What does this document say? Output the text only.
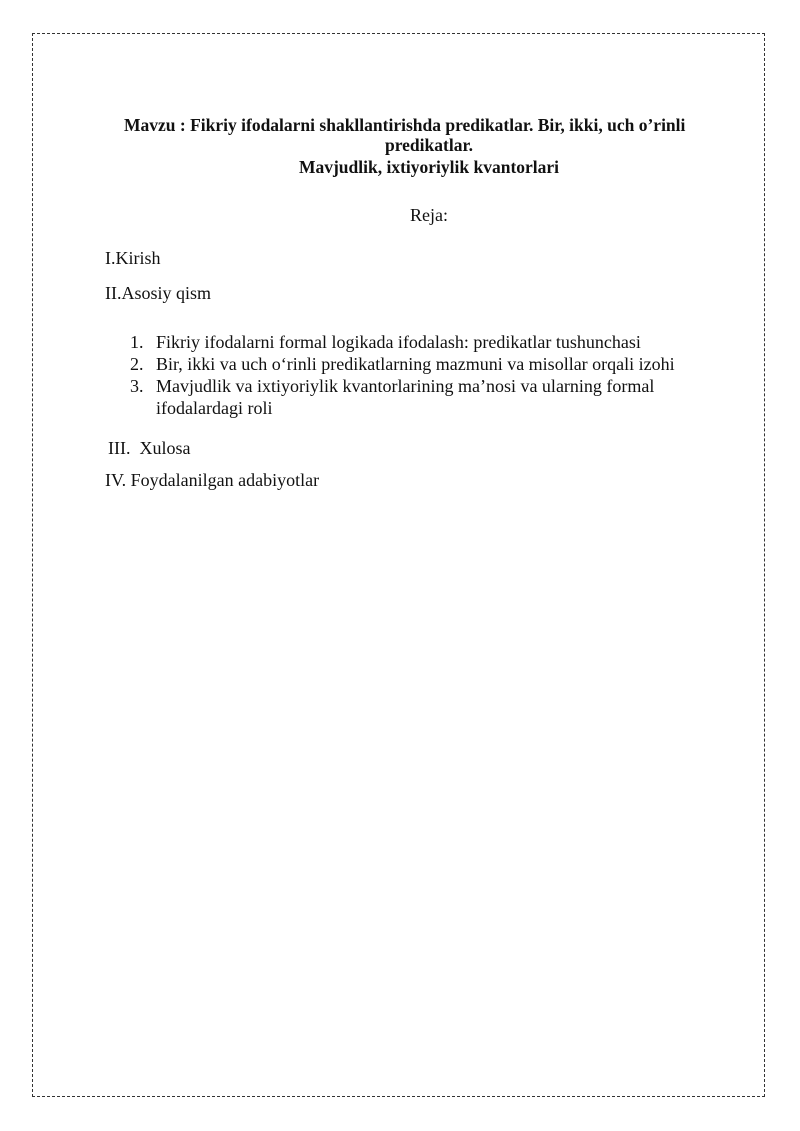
Mavzu : Fikriy ifodalarni shakllantirishda predikatlar. Bir, ikki, uch o’rinli
predikatlar.
Mavjudlik, ixtiyoriylik kvantorlari
Reja:
I.Kirish
II.Asosiy qism
1. Fikriy ifodalarni formal logikada ifodalash: predikatlar tushunchasi
2. Bir, ikki va uch o‘rinli predikatlarning mazmuni va misollar orqali izohi
3. Mavjudlik va ixtiyoriylik kvantorlarining ma’nosi va ularning formal ifodalardagi roli
III.  Xulosa
IV. Foydalanilgan adabiyotlar
